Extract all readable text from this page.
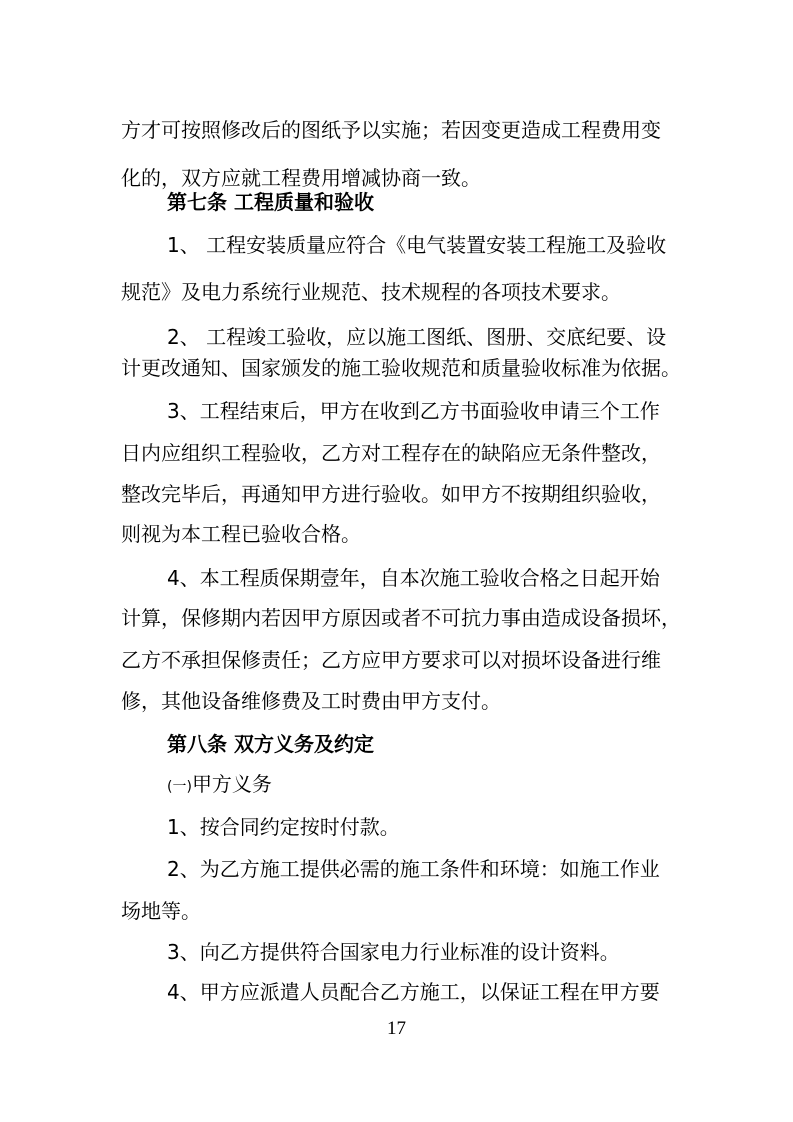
方才可按照修改后的图纸予以实施；若因变更造成工程费用变
化的，双方应就工程费用增减协商一致。
第七条 工程质量和验收
1、 工程安装质量应符合《电气装置安装工程施工及验收
规范》及电力系统行业规范、技术规程的各项技术要求。
2、 工程竣工验收，应以施工图纸、图册、交底纪要、设
计更改通知、国家颁发的施工验收规范和质量验收标准为依据。
3、工程结束后，甲方在收到乙方书面验收申请三个工作
日内应组织工程验收，乙方对工程存在的缺陷应无条件整改，
整改完毕后，再通知甲方进行验收。如甲方不按期组织验收，
则视为本工程已验收合格。
4、本工程质保期壹年，自本次施工验收合格之日起开始
计算，保修期内若因甲方原因或者不可抗力事由造成设备损坏，
乙方不承担保修责任；乙方应甲方要求可以对损坏设备进行维
修，其他设备维修费及工时费由甲方支付。
第八条 双方义务及约定
(一)甲方义务
1、按合同约定按时付款。
2、为乙方施工提供必需的施工条件和环境：如施工作业
场地等。
3、向乙方提供符合国家电力行业标准的设计资料。
4、甲方应派遣人员配合乙方施工，以保证工程在甲方要
17
